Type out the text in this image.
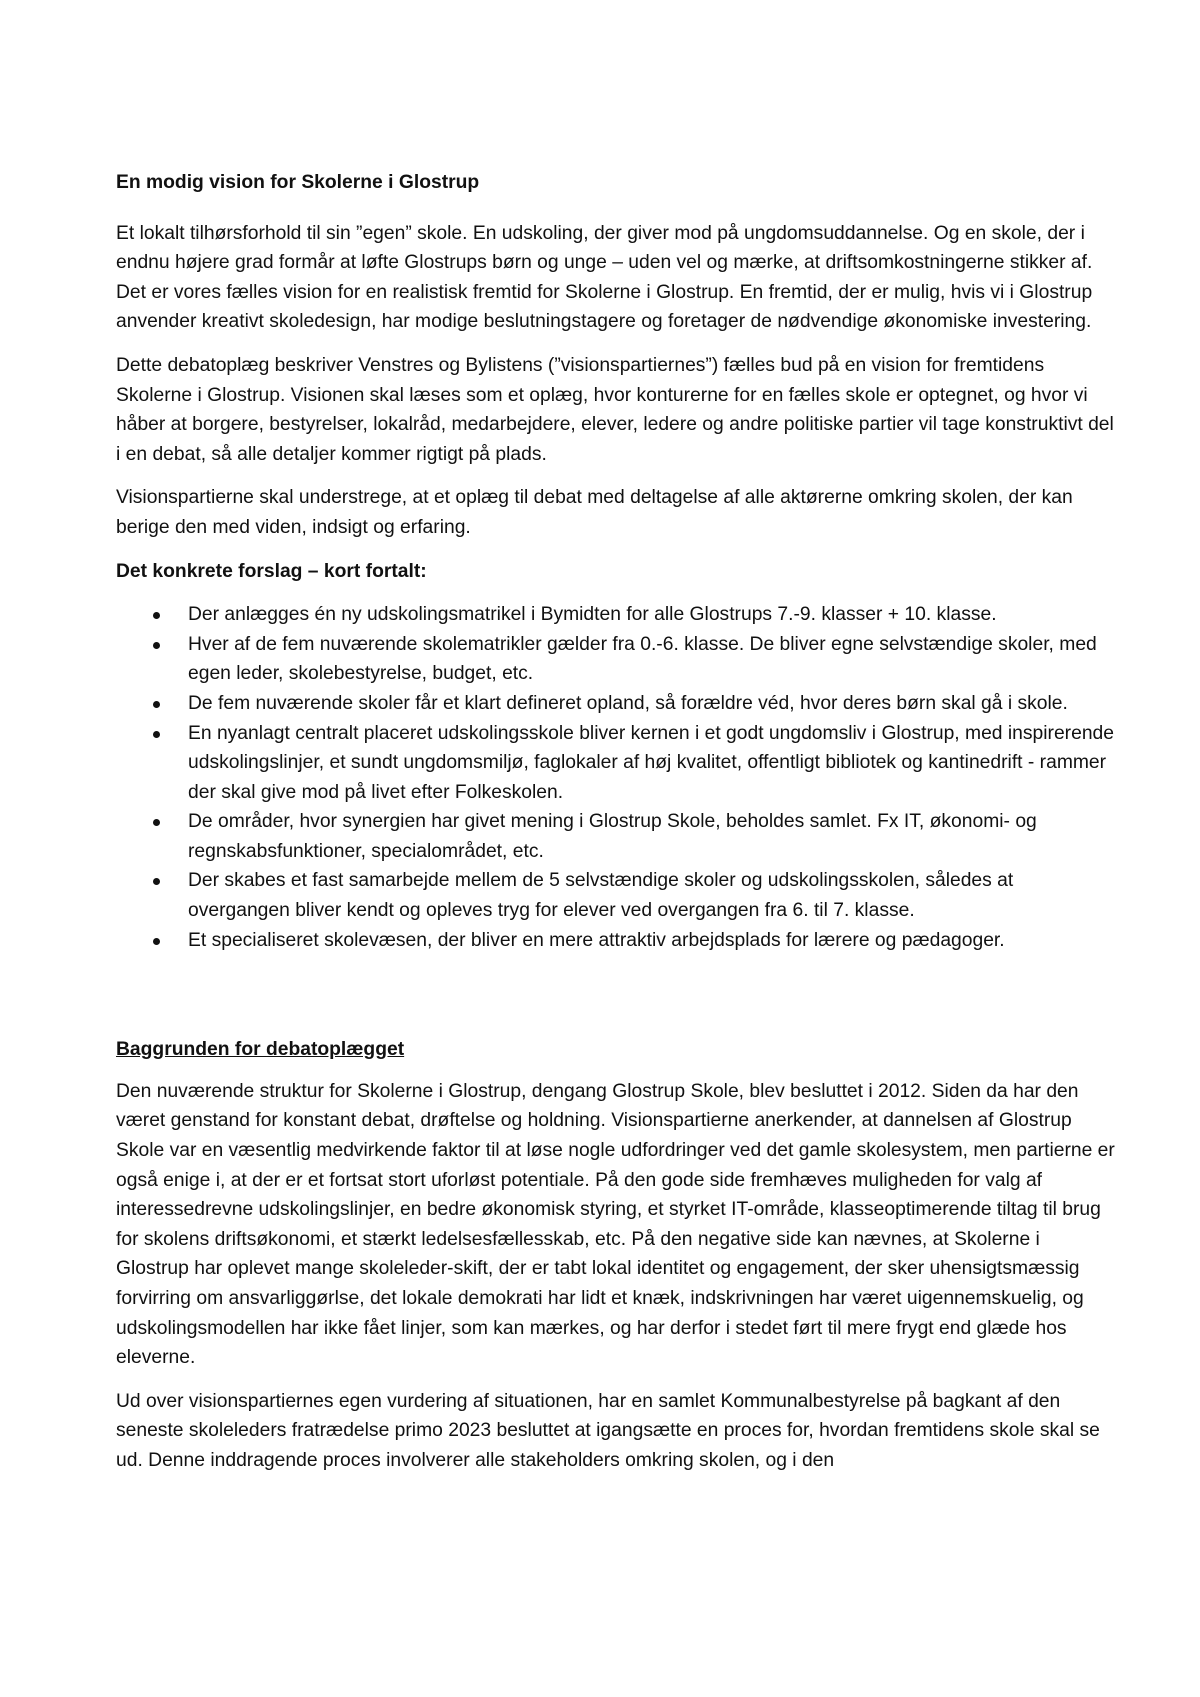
En modig vision for Skolerne i Glostrup

Et lokalt tilhørsforhold til sin ”egen” skole. En udskoling, der giver mod på ungdomsuddannelse. Og en skole, der i endnu højere grad formår at løfte Glostrups børn og unge – uden vel og mærke, at driftsomkostningerne stikker af. Det er vores fælles vision for en realistisk fremtid for Skolerne i Glostrup. En fremtid, der er mulig, hvis vi i Glostrup anvender kreativt skoledesign, har modige beslutningstagere og foretager de nødvendige økonomiske investering.

Dette debatoplæg beskriver Venstres og Bylistens (”visionspartiernes”) fælles bud på en vision for fremtidens Skolerne i Glostrup. Visionen skal læses som et oplæg, hvor konturerne for en fælles skole er optegnet, og hvor vi håber at borgere, bestyrelser, lokalråd, medarbejdere, elever, ledere og andre politiske partier vil tage konstruktivt del i en debat, så alle detaljer kommer rigtigt på plads.

Visionspartierne skal understrege, at et oplæg til debat med deltagelse af alle aktørerne omkring skolen, der kan berige den med viden, indsigt og erfaring.

Det konkrete forslag – kort fortalt:
Der anlægges én ny udskolingsmatrikel i Bymidten for alle Glostrups 7.-9. klasser + 10. klasse.
Hver af de fem nuværende skolematrikler gælder fra 0.-6. klasse. De bliver egne selvstændige skoler, med egen leder, skolebestyrelse, budget, etc.
De fem nuværende skoler får et klart defineret opland, så forældre véd, hvor deres børn skal gå i skole.
En nyanlagt centralt placeret udskolingsskole bliver kernen i et godt ungdomsliv i Glostrup, med inspirerende udskolingslinjer, et sundt ungdomsmiljø, faglokaler af høj kvalitet, offentligt bibliotek og kantinedrift - rammer der skal give mod på livet efter Folkeskolen.
De områder, hvor synergien har givet mening i Glostrup Skole, beholdes samlet. Fx IT, økonomi- og regnskabsfunktioner, specialområdet, etc.
Der skabes et fast samarbejde mellem de 5 selvstændige skoler og udskolingsskolen, således at overgangen bliver kendt og opleves tryg for elever ved overgangen fra 6. til 7. klasse.
Et specialiseret skolevæsen, der bliver en mere attraktiv arbejdsplads for lærere og pædagoger.
Baggrunden for debatoplægget

Den nuværende struktur for Skolerne i Glostrup, dengang Glostrup Skole, blev besluttet i 2012. Siden da har den været genstand for konstant debat, drøftelse og holdning. Visionspartierne anerkender, at dannelsen af Glostrup Skole var en væsentlig medvirkende faktor til at løse nogle udfordringer ved det gamle skolesystem, men partierne er også enige i, at der er et fortsat stort uforløst potentiale. På den gode side fremhæves muligheden for valg af interessedrevne udskolingslinjer, en bedre økonomisk styring, et styrket IT-område, klasseoptimerende tiltag til brug for skolens driftsøkonomi, et stærkt ledelsesfællesskab, etc. På den negative side kan nævnes, at Skolerne i Glostrup har oplevet mange skoleleder-skift, der er tabt lokal identitet og engagement, der sker uhensigtsmæssig forvirring om ansvarliggørlse, det lokale demokrati har lidt et knæk, indskrivningen har været uigennemskuelig, og udskolingsmodellen har ikke fået linjer, som kan mærkes, og har derfor i stedet ført til mere frygt end glæde hos eleverne.

Ud over visionspartiernes egen vurdering af situationen, har en samlet Kommunalbestyrelse på bagkant af den seneste skoleleders fratrædelse primo 2023 besluttet at igangsætte en proces for, hvordan fremtidens skole skal se ud. Denne inddragende proces involverer alle stakeholders omkring skolen, og i den
